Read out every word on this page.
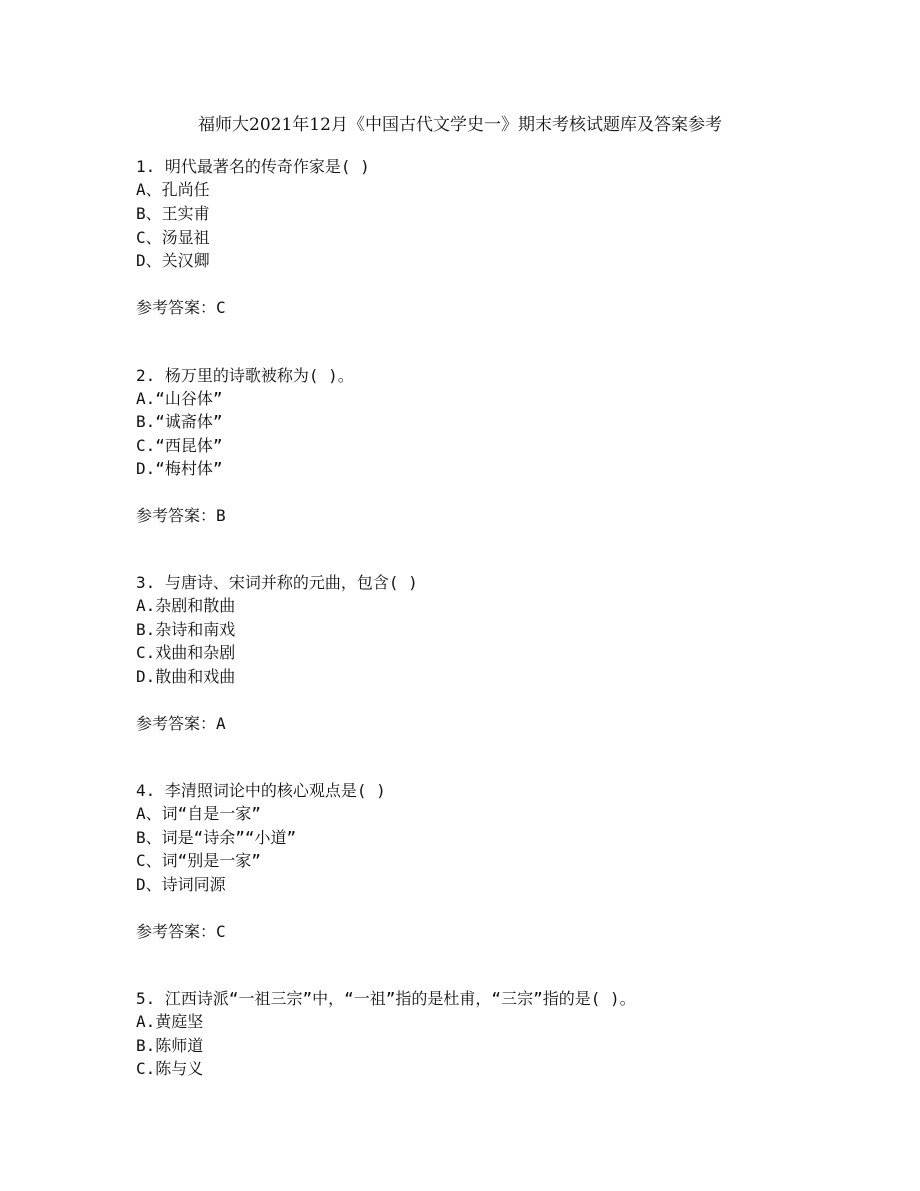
福师大2021年12月《中国古代文学史一》期末考核试题库及答案参考
1. 明代最著名的传奇作家是( )
A、孔尚任
B、王实甫
C、汤显祖
D、关汉卿
参考答案：C
2. 杨万里的诗歌被称为( )。
A.“山谷体”
B.“诚斋体”
C.“西昆体”
D.“梅村体”
参考答案：B
3. 与唐诗、宋词并称的元曲，包含( )
A.杂剧和散曲
B.杂诗和南戏
C.戏曲和杂剧
D.散曲和戏曲
参考答案：A
4. 李清照词论中的核心观点是( )
A、词“自是一家”
B、词是“诗余”“小道”
C、词“别是一家”
D、诗词同源
参考答案：C
5. 江西诗派“一祖三宗”中，“一祖”指的是杜甫，“三宗”指的是( )。
A.黄庭坚
B.陈师道
C.陈与义
